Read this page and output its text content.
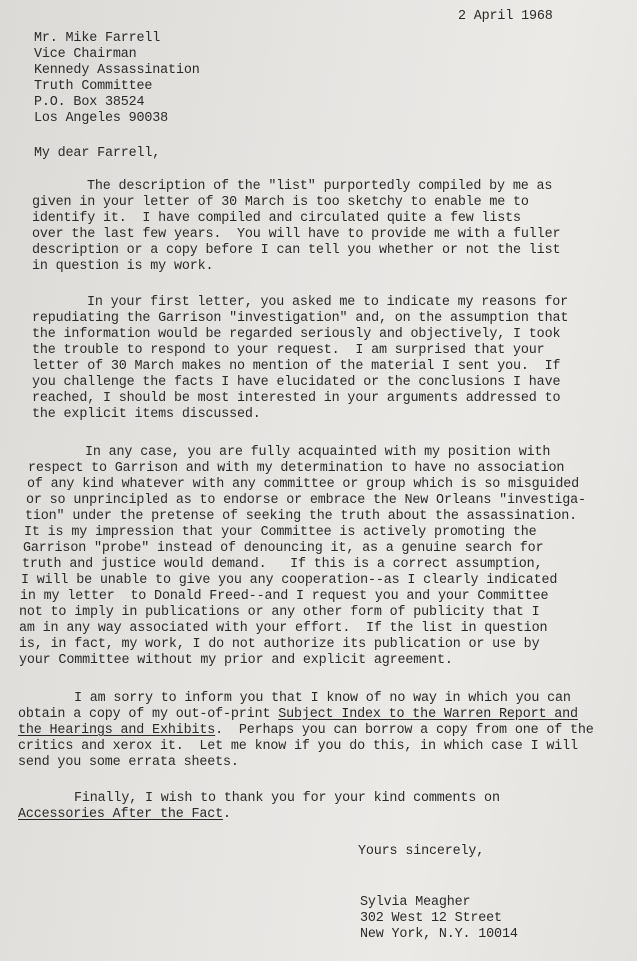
2 April 1968
Mr. Mike Farrell
Vice Chairman
Kennedy Assassination
Truth Committee
P.O. Box 38524
Los Angeles 90038
My dear Farrell,
The description of the "list" purportedly compiled by me as
given in your letter of 30 March is too sketchy to enable me to
identify it.  I have compiled and circulated quite a few lists
over the last few years.  You will have to provide me with a fuller
description or a copy before I can tell you whether or not the list
in question is my work.
In your first letter, you asked me to indicate my reasons for
repudiating the Garrison "investigation" and, on the assumption that
the information would be regarded seriously and objectively, I took
the trouble to respond to your request.  I am surprised that your
letter of 30 March makes no mention of the material I sent you.  If
you challenge the facts I have elucidated or the conclusions I have
reached, I should be most interested in your arguments addressed to
the explicit items discussed.
In any case, you are fully acquainted with my position with
respect to Garrison and with my determination to have no association
of any kind whatever with any committee or group which is so misguided
or so unprincipled as to endorse or embrace the New Orleans "investiga-
tion" under the pretense of seeking the truth about the assassination.
It is my impression that your Committee is actively promoting the
Garrison "probe" instead of denouncing it, as a genuine search for
truth and justice would demand.   If this is a correct assumption,
I will be unable to give you any cooperation--as I clearly indicated
in my letter  to Donald Freed--and I request you and your Committee
not to imply in publications or any other form of publicity that I
am in any way associated with your effort.  If the list in question
is, in fact, my work, I do not authorize its publication or use by
your Committee without my prior and explicit agreement.
I am sorry to inform you that I know of no way in which you can
obtain a copy of my out-of-print Subject Index to the Warren Report and
the Hearings and Exhibits.  Perhaps you can borrow a copy from one of the
critics and xerox it.  Let me know if you do this, in which case I will
send you some errata sheets.
Finally, I wish to thank you for your kind comments on
Accessories After the Fact.
Yours sincerely,
Sylvia Meagher
302 West 12 Street
New York, N.Y. 10014
